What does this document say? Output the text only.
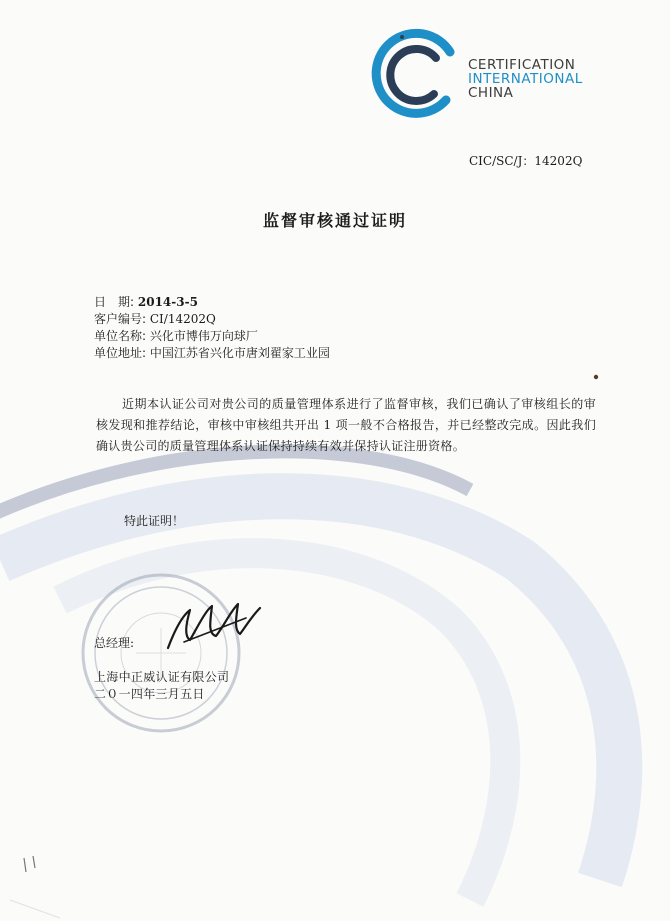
CERTIFICATION
INTERNATIONAL
CHINA
CIC/SC/J：14202Q
监督审核通过证明
日　期: 2014-3-5
客户编号: CI/14202Q
单位名称: 兴化市博伟万向球厂
单位地址: 中国江苏省兴化市唐刘翟家工业园

近期本认证公司对贵公司的质量管理体系进行了监督审核，我们已确认了审核组长的审核发现和推荐结论，审核中审核组共开出 1 项一般不合格报告，并已经整改完成。因此我们确认贵公司的质量管理体系认证保持持续有效并保持认证注册资格。

特此证明！
总经理:
上海中正威认证有限公司
二０一四年三月五日
